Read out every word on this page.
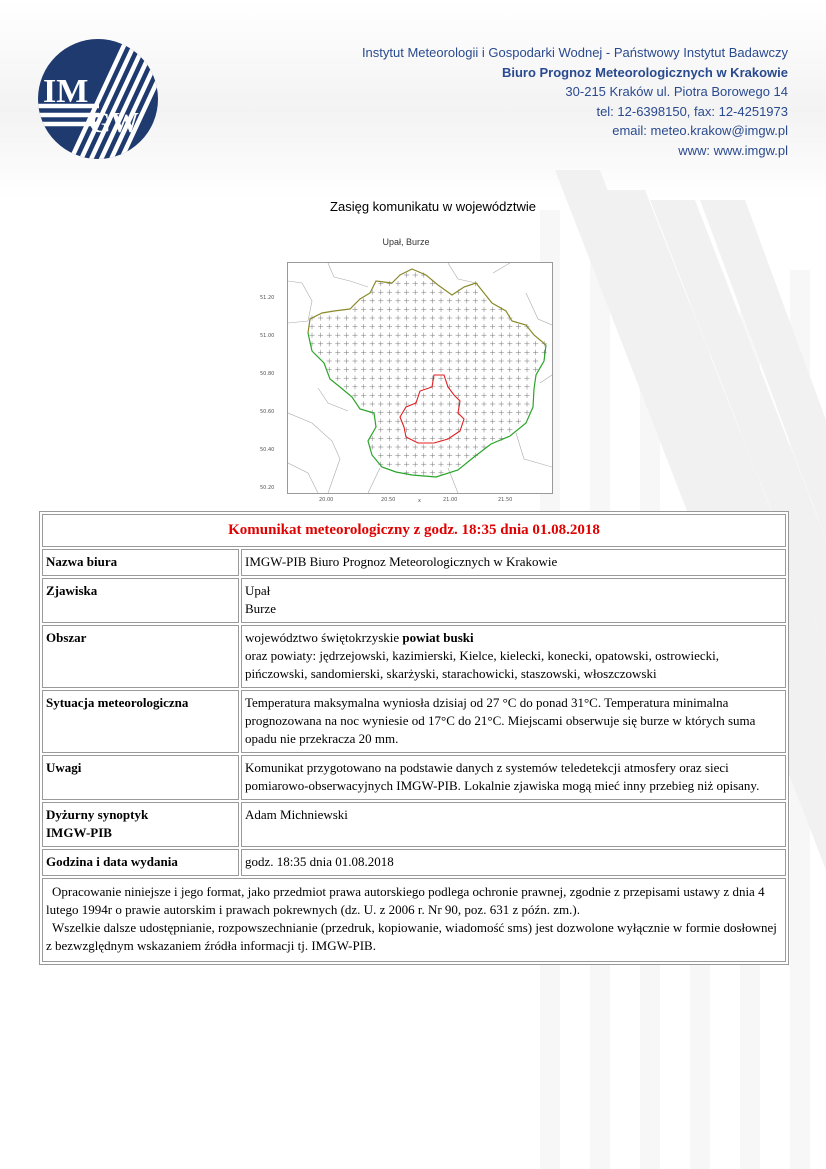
IM
GW
Instytut Meteorologii i Gospodarki Wodnej - Państwowy Instytut Badawczy
Biuro Prognoz Meteorologicznych w Krakowie
30-215 Kraków ul. Piotra Borowego 14
tel: 12-6398150, fax: 12-4251973
email: meteo.krakow@imgw.pl
www: www.imgw.pl
Zasięg komunikatu w województwie
Upał, Burze
51.20
51.00
50.80
50.60
50.40
50.20
20.00	20.50	21.00	21.50
x
Komunikat meteorologiczny z godz. 18:35 dnia 01.08.2018	
Nazwa biura	IMGW-PIB Biuro Prognoz Meteorologicznych w Krakowie
Zjawiska	Upał
Burze

Obszar	województwo świętokrzyskie powiat buski
oraz powiaty: jędrzejowski, kazimierski, Kielce, kielecki, konecki, opatowski, ostrowiecki, pińczowski, sandomierski, skarżyski, starachowicki, staszowski, włoszczowski

Sytuacja meteorologiczna	Temperatura maksymalna wyniosła dzisiaj od 27 °C do ponad 31°C. Temperatura minimalna prognozowana na noc wyniesie od 17°C do 21°C. Miejscami obserwuje się burze w których suma opadu nie przekracza 20 mm.
Uwagi	Komunikat przygotowano na podstawie danych z systemów teledetekcji atmosfery oraz sieci pomiarowo-obserwacyjnych IMGW-PIB. Lokalnie zjawiska mogą mieć inny przebieg niż opisany.

Dyżurny synoptyk
IMGW-PIB	Adam Michniewski
Godzina i data wydania	godz. 18:35 dnia 01.08.2018

Opracowanie niniejsze i jego format, jako przedmiot prawa autorskiego podlega ochronie prawnej, zgodnie z przepisami ustawy z dnia 4 lutego 1994r o prawie autorskim i prawach pokrewnych (dz. U. z 2006 r. Nr 90, poz. 631 z późn. zm.).
Wszelkie dalsze udostępnianie, rozpowszechnianie (przedruk, kopiowanie, wiadomość sms) jest dozwolone wyłącznie w formie dosłownej z bezwzględnym wskazaniem źródła informacji tj. IMGW-PIB.	
